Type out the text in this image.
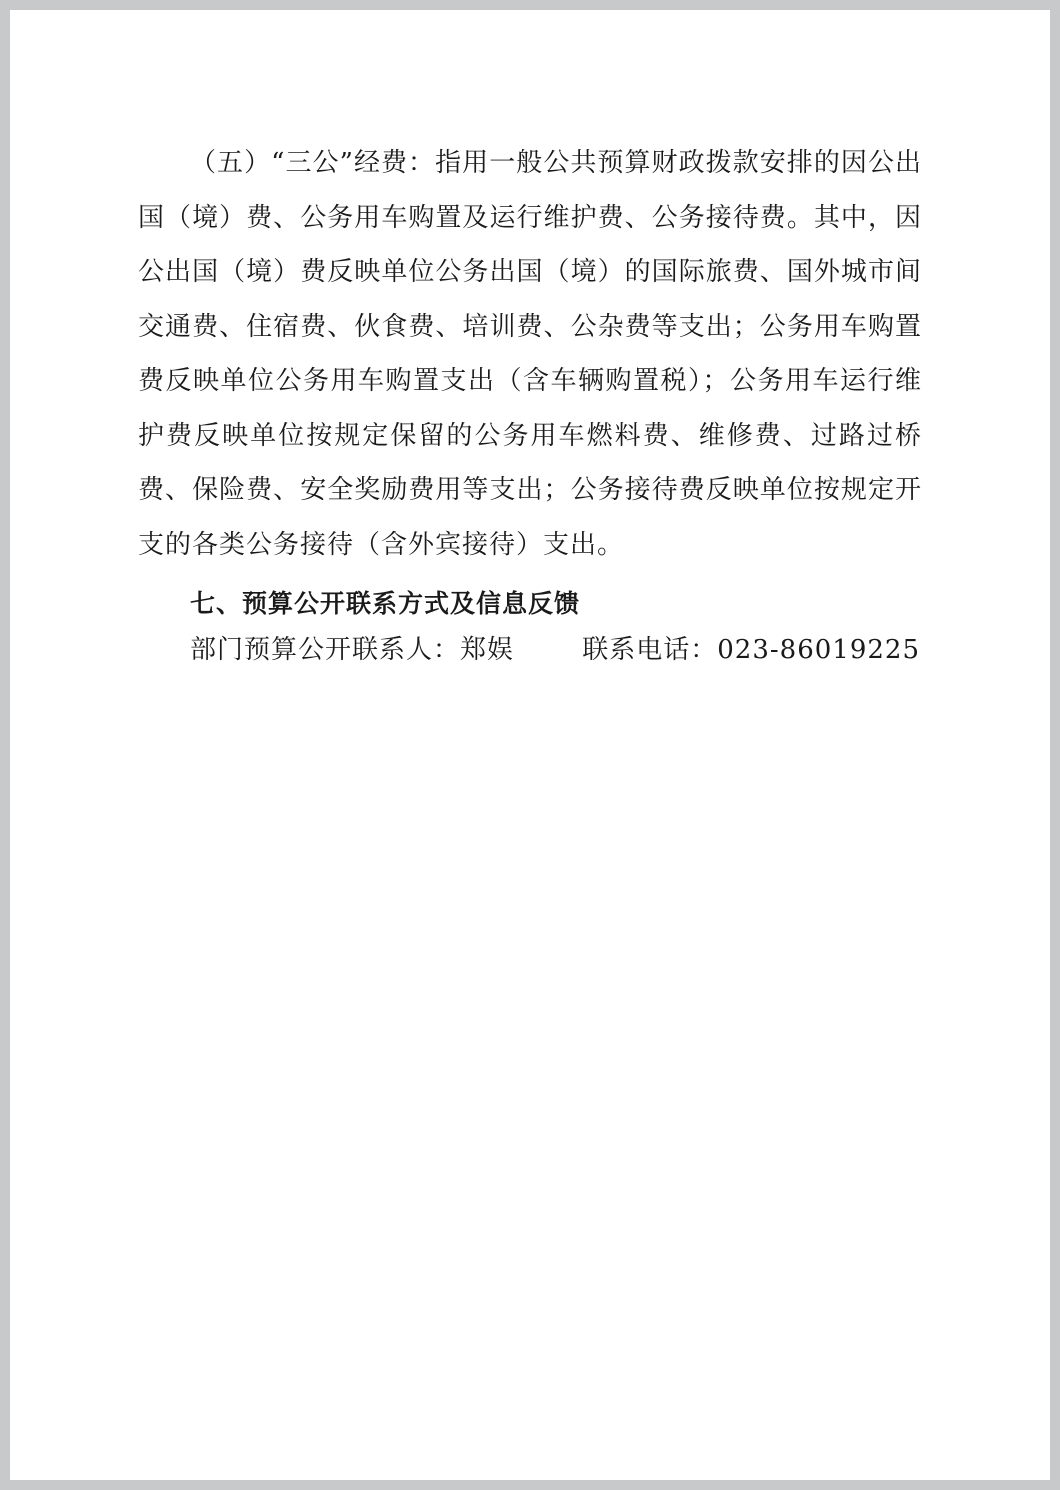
（五）“三公”经费：指用一般公共预算财政拨款安排的因公出国（境）费、公务用车购置及运行维护费、公务接待费。其中，因公出国（境）费反映单位公务出国（境）的国际旅费、国外城市间交通费、住宿费、伙食费、培训费、公杂费等支出；公务用车购置费反映单位公务用车购置支出（含车辆购置税）；公务用车运行维护费反映单位按规定保留的公务用车燃料费、维修费、过路过桥费、保险费、安全奖励费用等支出；公务接待费反映单位按规定开支的各类公务接待（含外宾接待）支出。

七、预算公开联系方式及信息反馈
部门预算公开联系人：郑娱	联系电话：023-86019225
